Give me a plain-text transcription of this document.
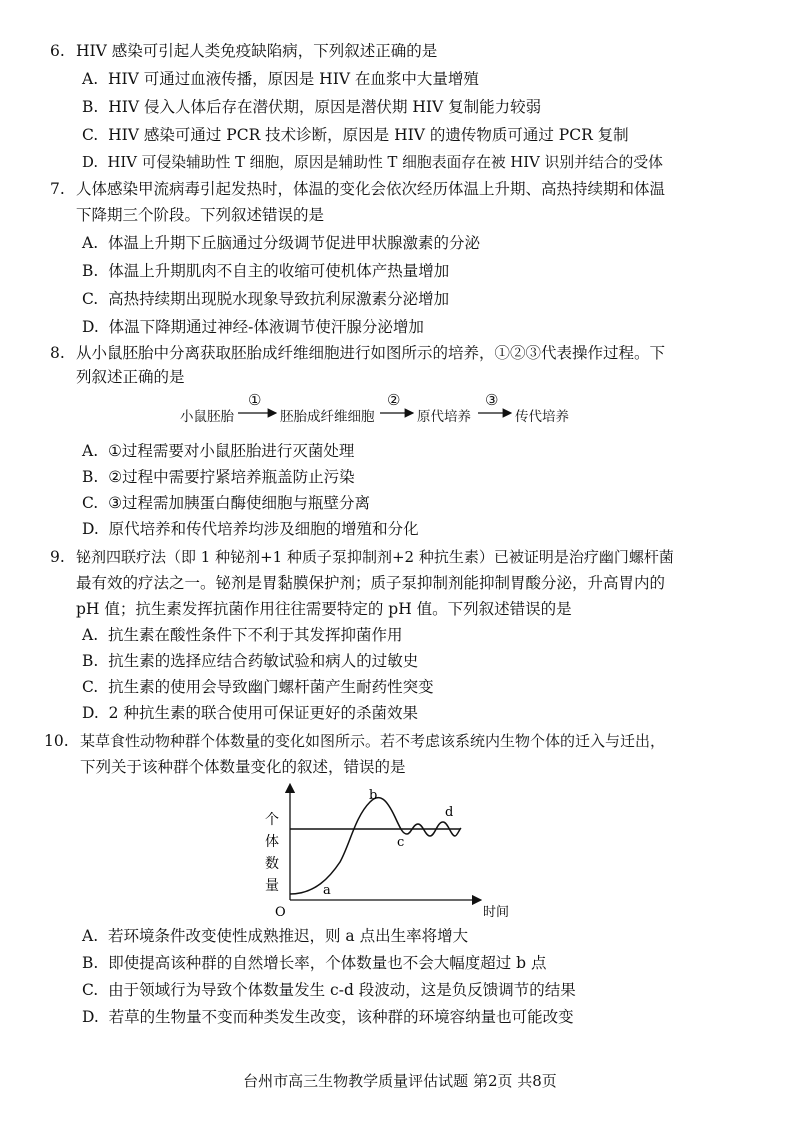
6. HIV 感染可引起人类免疫缺陷病，下列叙述正确的是
A. HIV 可通过血液传播，原因是 HIV 在血浆中大量增殖
B. HIV 侵入人体后存在潜伏期，原因是潜伏期 HIV 复制能力较弱
C. HIV 感染可通过 PCR 技术诊断，原因是 HIV 的遗传物质可通过 PCR 复制
D. HIV 可侵染辅助性 T 细胞，原因是辅助性 T 细胞表面存在被 HIV 识别并结合的受体
7. 人体感染甲流病毒引起发热时，体温的变化会依次经历体温上升期、高热持续期和体温
下降期三个阶段。下列叙述错误的是
A. 体温上升期下丘脑通过分级调节促进甲状腺激素的分泌
B. 体温上升期肌肉不自主的收缩可使机体产热量增加
C. 高热持续期出现脱水现象导致抗利尿激素分泌增加
D. 体温下降期通过神经-体液调节使汗腺分泌增加
8. 从小鼠胚胎中分离获取胚胎成纤维细胞进行如图所示的培养，①②③代表操作过程。下
列叙述正确的是
小鼠胚胎	胚胎成纤维细胞	原代培养	传代培养
①	②	③
A. ①过程需要对小鼠胚胎进行灭菌处理
B. ②过程中需要拧紧培养瓶盖防止污染
C. ③过程需加胰蛋白酶使细胞与瓶壁分离
D. 原代培养和传代培养均涉及细胞的增殖和分化
9. 铋剂四联疗法（即 1 种铋剂+1 种质子泵抑制剂+2 种抗生素）已被证明是治疗幽门螺杆菌
最有效的疗法之一。铋剂是胃黏膜保护剂；质子泵抑制剂能抑制胃酸分泌，升高胃内的
pH 值；抗生素发挥抗菌作用往往需要特定的 pH 值。下列叙述错误的是
A. 抗生素在酸性条件下不利于其发挥抑菌作用
B. 抗生素的选择应结合药敏试验和病人的过敏史
C. 抗生素的使用会导致幽门螺杆菌产生耐药性突变
D. 2 种抗生素的联合使用可保证更好的杀菌效果
10. 某草食性动物种群个体数量的变化如图所示。若不考虑该系统内生物个体的迁入与迁出，
下列关于该种群个体数量变化的叙述，错误的是
个
体
数
量
O	时间
a
b
c
d
A. 若环境条件改变使性成熟推迟，则 a 点出生率将增大
B. 即使提高该种群的自然增长率，个体数量也不会大幅度超过 b 点
C. 由于领域行为导致个体数量发生 c-d 段波动，这是负反馈调节的结果
D. 若草的生物量不变而种类发生改变，该种群的环境容纳量也可能改变
台州市高三生物教学质量评估试题 第2页 共8页
